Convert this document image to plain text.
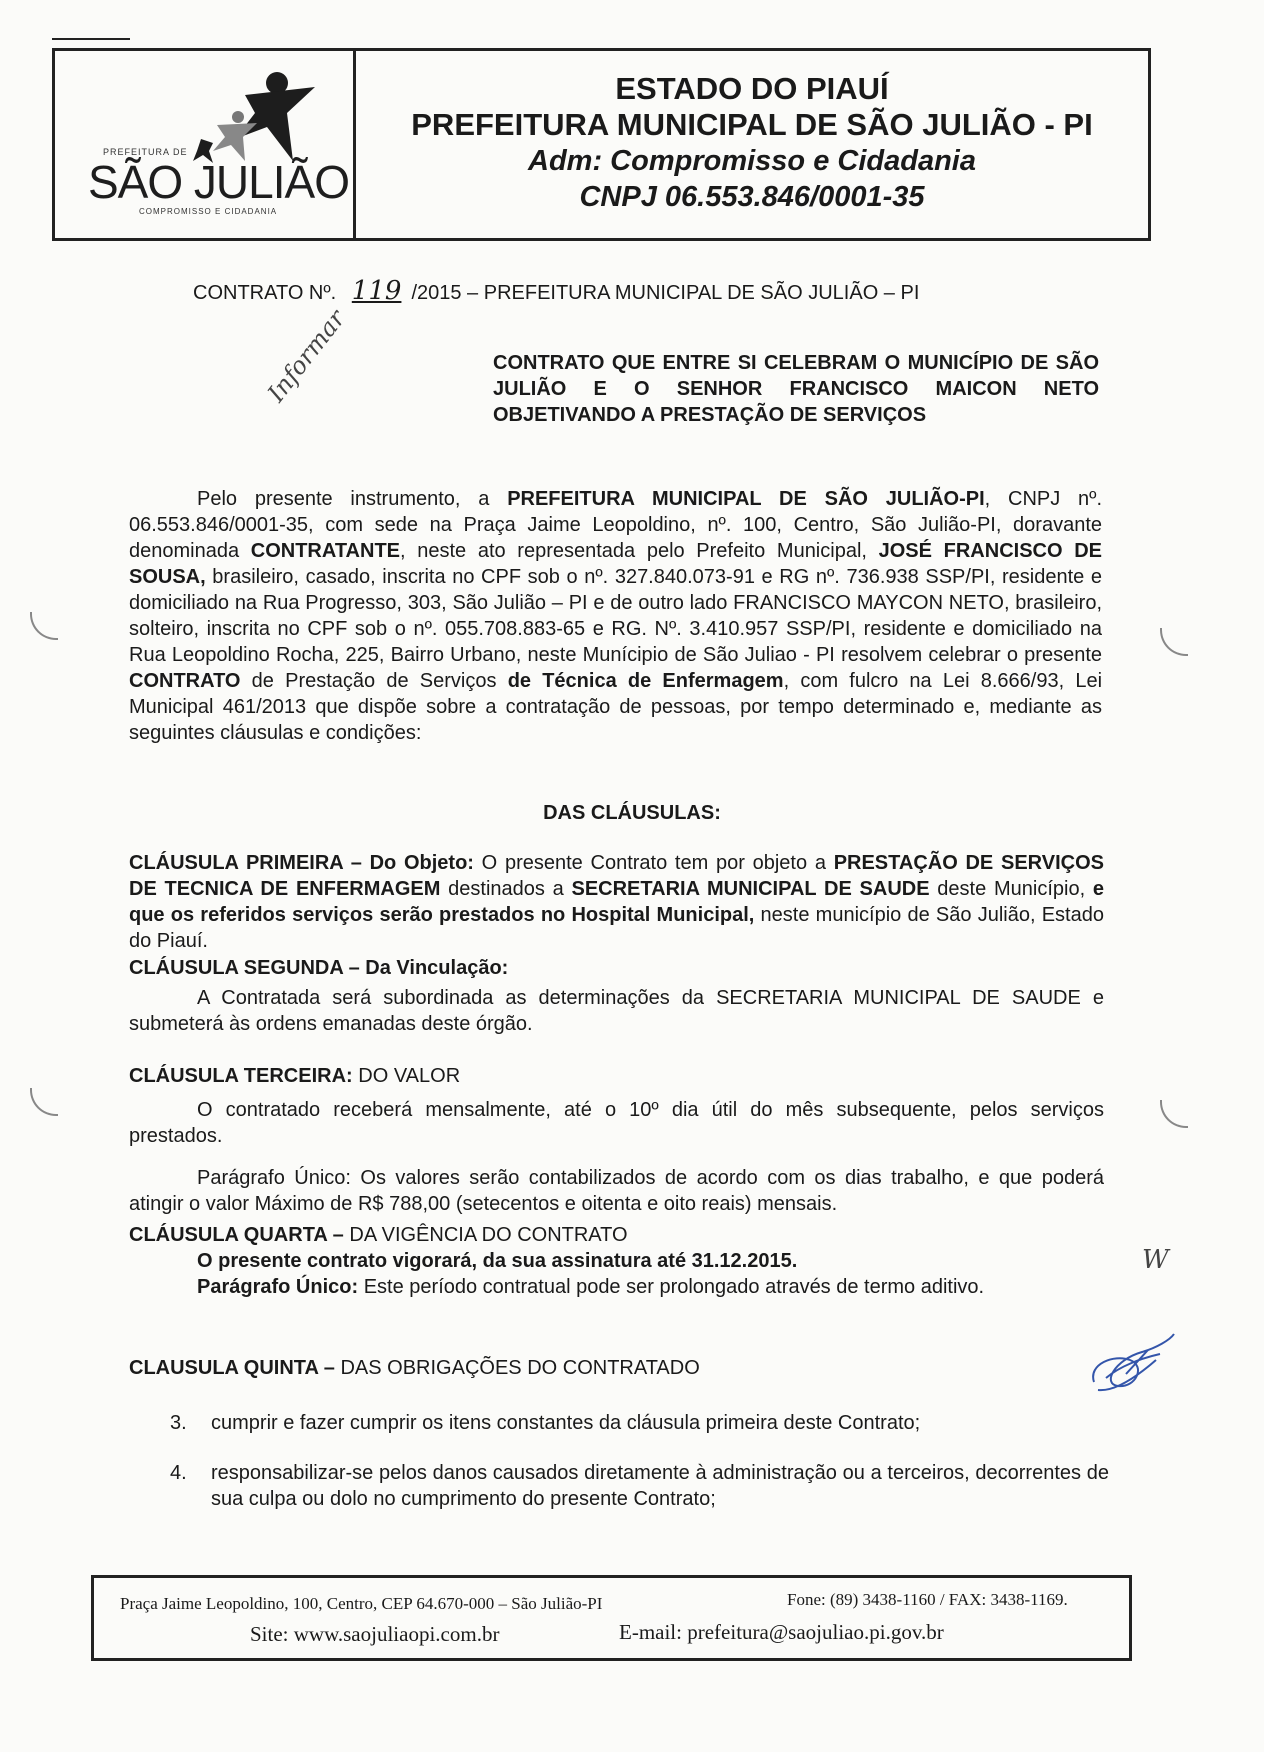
PREFEITURA DE
SÃO JULIÃO
COMPROMISSO E CIDADANIA
ESTADO DO PIAUÍ
PREFEITURA MUNICIPAL DE SÃO JULIÃO - PI
Adm: Compromisso e Cidadania
CNPJ 06.553.846/0001-35
CONTRATO Nº. 119 /2015 – PREFEITURA MUNICIPAL DE SÃO JULIÃO – PI
Informar	CONTRATO QUE ENTRE SI CELEBRAM O MUNICÍPIO DE SÃO JULIÃO E O SENHOR FRANCISCO MAICON NETO OBJETIVANDO A PRESTAÇÃO DE SERVIÇOS
Pelo presente instrumento, a PREFEITURA MUNICIPAL DE SÃO JULIÃO-PI, CNPJ nº. 06.553.846/0001-35, com sede na Praça Jaime Leopoldino, nº. 100, Centro, São Julião-PI, doravante denominada CONTRATANTE, neste ato representada pelo Prefeito Municipal, JOSÉ FRANCISCO DE SOUSA, brasileiro, casado, inscrita no CPF sob o nº. 327.840.073-91 e RG nº. 736.938 SSP/PI, residente e domiciliado na Rua Progresso, 303, São Julião – PI e de outro lado FRANCISCO MAYCON NETO, brasileiro, solteiro, inscrita no CPF sob o nº. 055.708.883-65 e RG. Nº. 3.410.957 SSP/PI, residente e domiciliado na Rua Leopoldino Rocha, 225, Bairro Urbano, neste Munícipio de São Juliao - PI resolvem celebrar o presente CONTRATO de Prestação de Serviços de Técnica de Enfermagem, com fulcro na Lei 8.666/93, Lei Municipal 461/2013 que dispõe sobre a contratação de pessoas, por tempo determinado e, mediante as seguintes cláusulas e condições:
DAS CLÁUSULAS:
CLÁUSULA PRIMEIRA – Do Objeto: O presente Contrato tem por objeto a PRESTAÇÃO DE SERVIÇOS DE TECNICA DE ENFERMAGEM destinados a SECRETARIA MUNICIPAL DE SAUDE deste Município, e que os referidos serviços serão prestados no Hospital Municipal, neste município de São Julião, Estado do Piauí.
CLÁUSULA SEGUNDA – Da Vinculação:
A Contratada será subordinada as determinações da SECRETARIA MUNICIPAL DE SAUDE e submeterá às ordens emanadas deste órgão.
CLÁUSULA TERCEIRA: DO VALOR
O contratado receberá mensalmente, até o 10º dia útil do mês subsequente, pelos serviços prestados.
Parágrafo Único: Os valores serão contabilizados de acordo com os dias trabalho, e que poderá atingir o valor Máximo de R$ 788,00 (setecentos e oitenta e oito reais) mensais.
CLÁUSULA QUARTA – DA VIGÊNCIA DO CONTRATO
O presente contrato vigorará, da sua assinatura até 31.12.2015.
Parágrafo Único: Este período contratual pode ser prolongado através de termo aditivo.
CLAUSULA QUINTA – DAS OBRIGAÇÕES DO CONTRATADO
3.	cumprir e fazer cumprir os itens constantes da cláusula primeira deste Contrato;
4.	responsabilizar-se pelos danos causados diretamente à administração ou a terceiros, decorrentes de sua culpa ou dolo no cumprimento do presente Contrato;
W
Praça Jaime Leopoldino, 100, Centro, CEP 64.670-000 – São Julião-PI	Fone: (89) 3438-1160 / FAX: 3438-1169.
Site: www.saojuliaopi.com.br	E-mail: prefeitura@saojuliao.pi.gov.br
